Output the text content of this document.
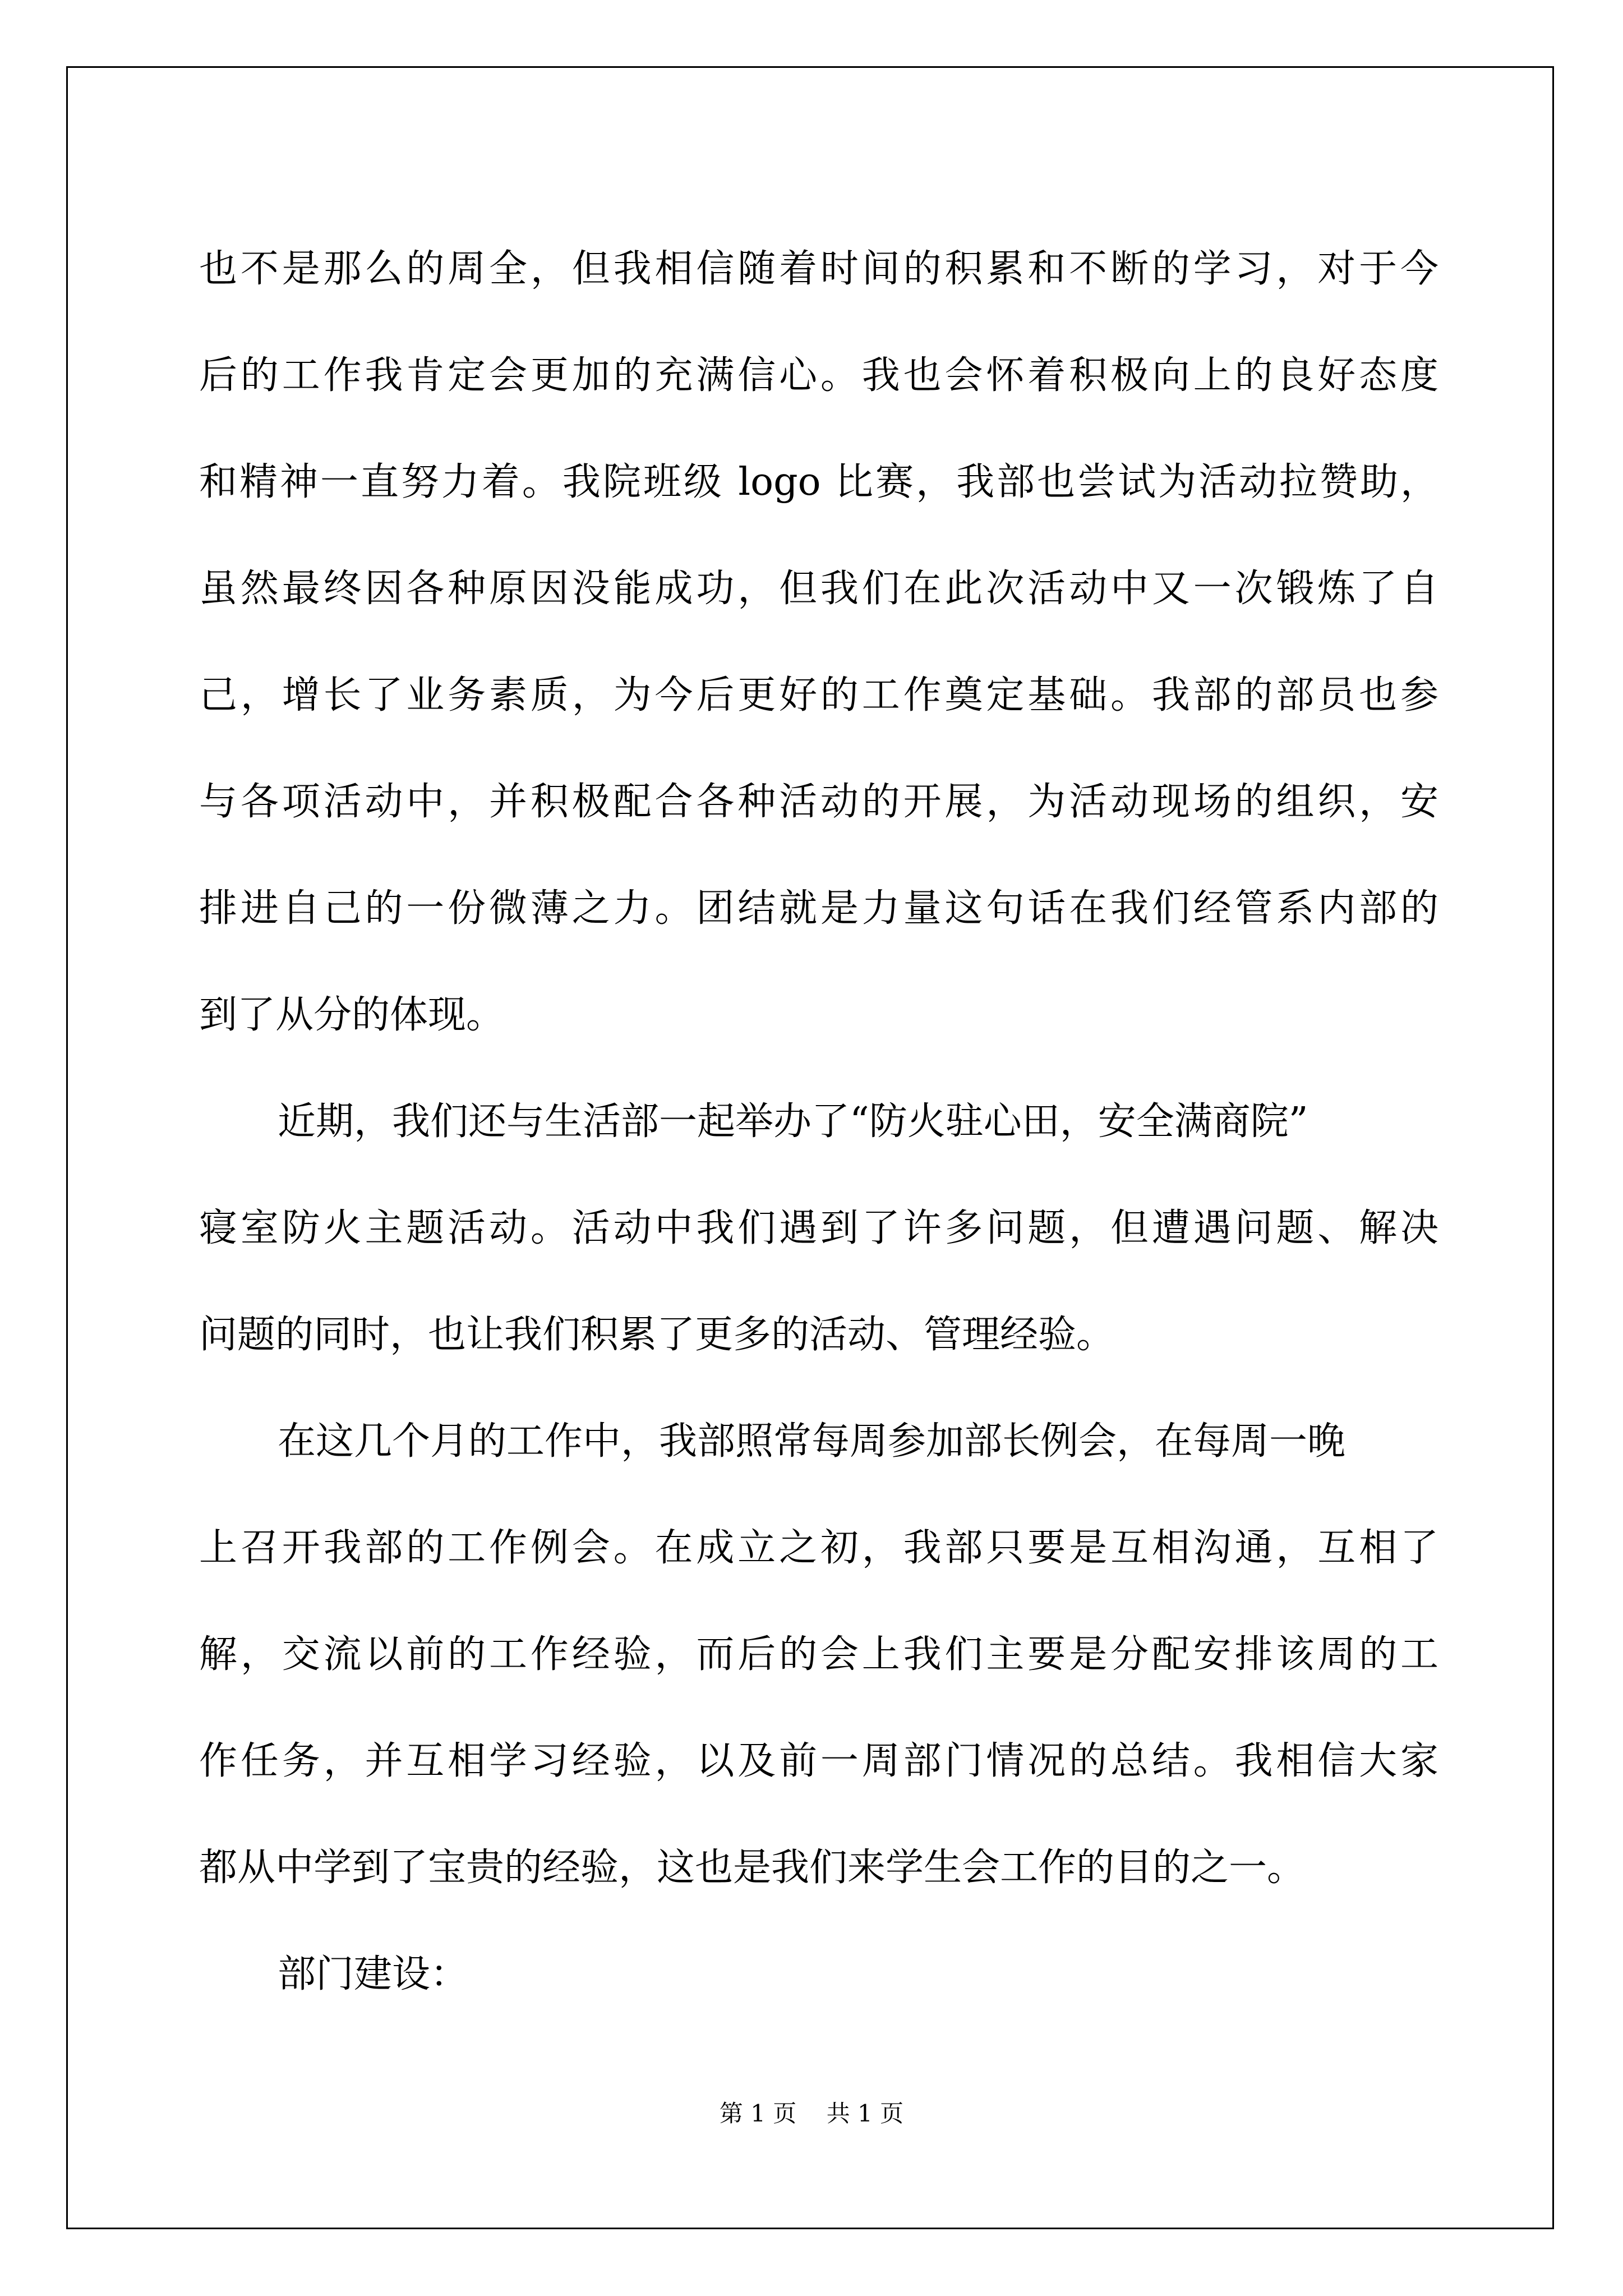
也不是那么的周全，但我相信随着时间的积累和不断的学习，对于今
后的工作我肯定会更加的充满信心。我也会怀着积极向上的良好态度
和精神一直努力着。我院班级 logo 比赛，我部也尝试为活动拉赞助，
虽然最终因各种原因没能成功，但我们在此次活动中又一次锻炼了自
己，增长了业务素质，为今后更好的工作奠定基础。我部的部员也参
与各项活动中，并积极配合各种活动的开展，为活动现场的组织，安
排进自己的一份微薄之力。团结就是力量这句话在我们经管系内部的
到了从分的体现。
近期，我们还与生活部一起举办了“防火驻心田，安全满商院”
寝室防火主题活动。活动中我们遇到了许多问题，但遭遇问题、解决
问题的同时，也让我们积累了更多的活动、管理经验。
在这几个月的工作中，我部照常每周参加部长例会，在每周一晚
上召开我部的工作例会。在成立之初，我部只要是互相沟通，互相了
解，交流以前的工作经验，而后的会上我们主要是分配安排该周的工
作任务，并互相学习经验，以及前一周部门情况的总结。我相信大家
都从中学到了宝贵的经验，这也是我们来学生会工作的目的之一。
部门建设：
第 1 页 共 1 页
